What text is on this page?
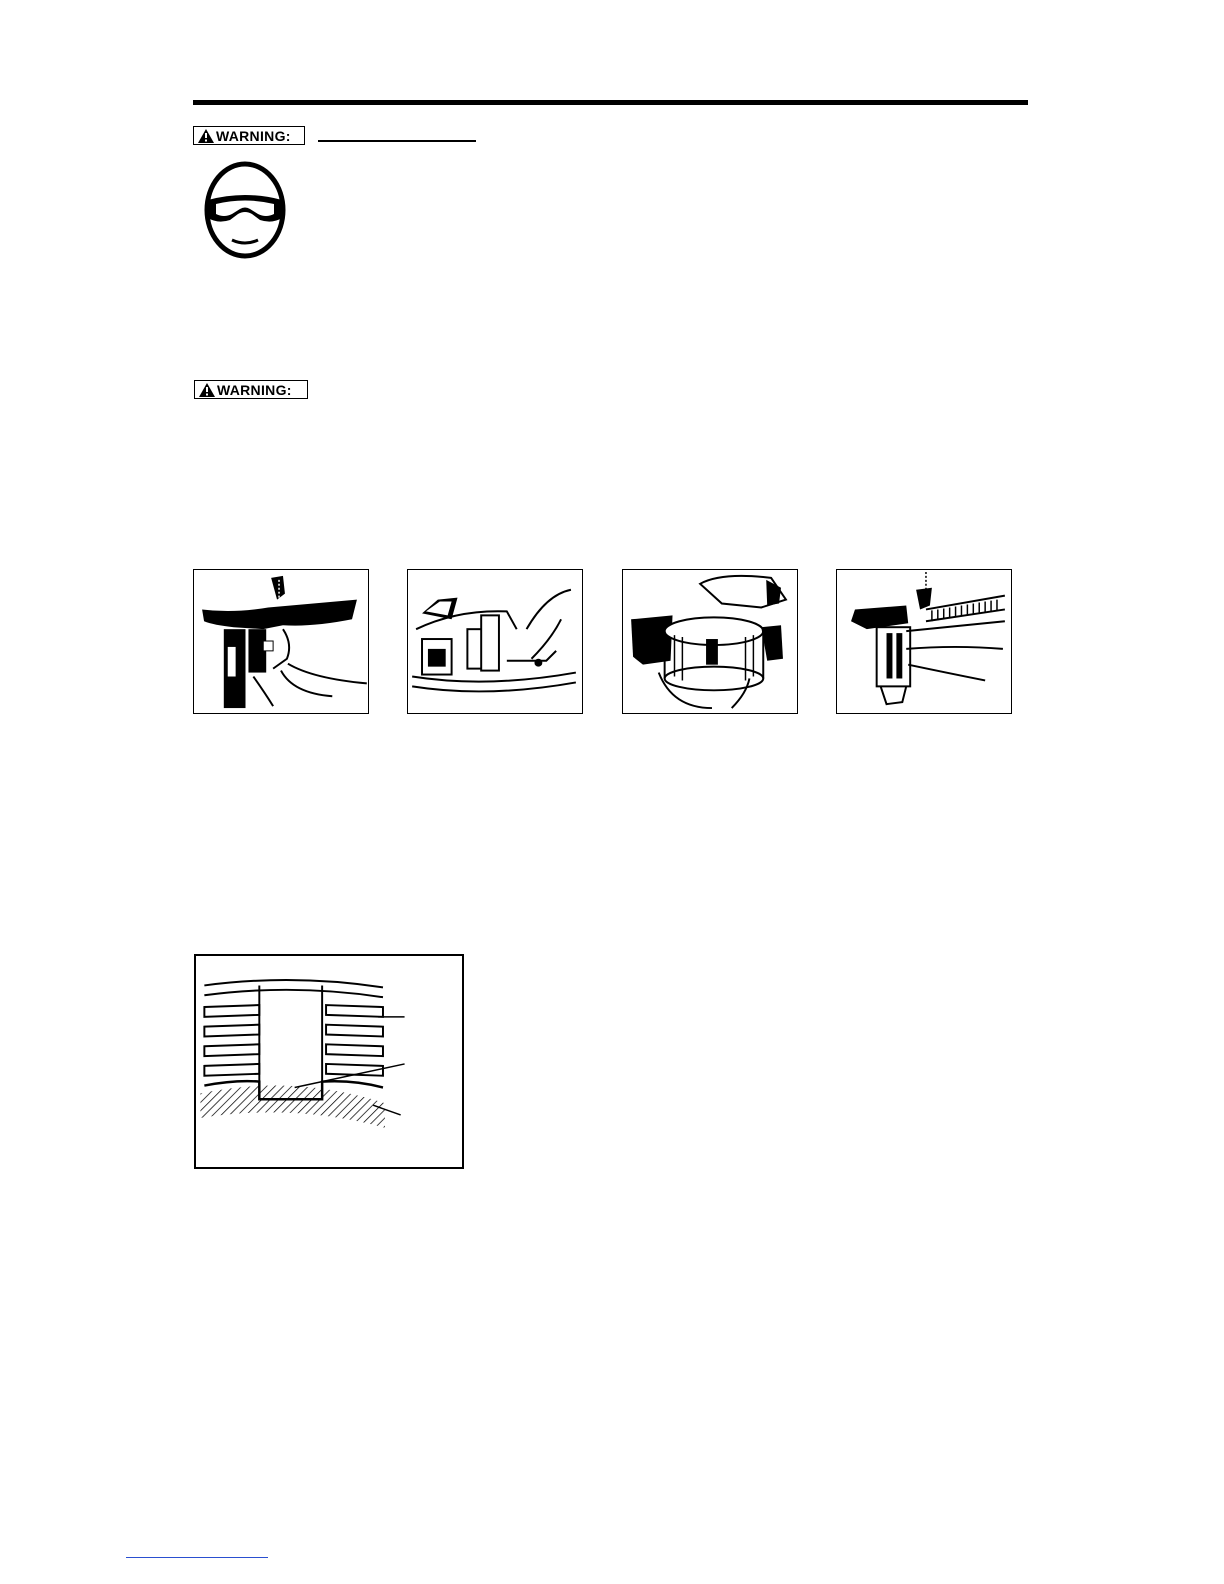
WARNING:
WARNING:
